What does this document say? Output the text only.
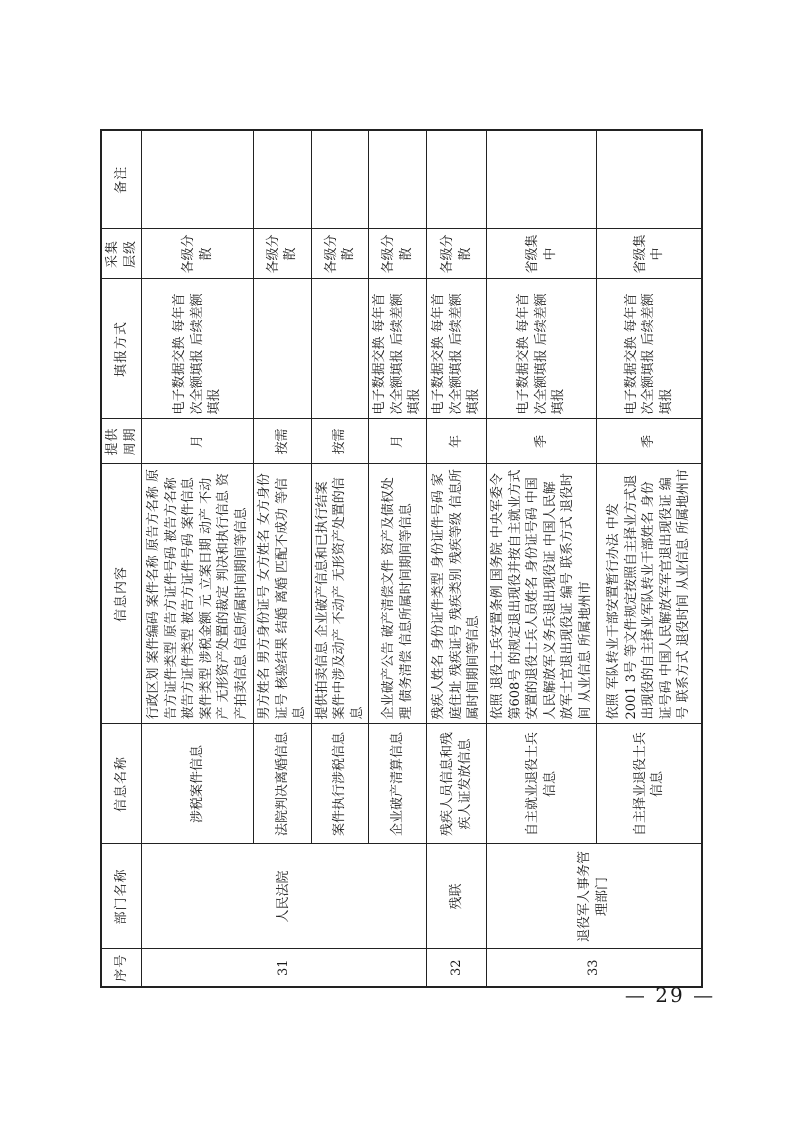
序号	部门名称	信息名称	信息内容	提供周期	填报方式	采集层级	备注
31	人民法院	涉税案件信息	行政区划 案件编码 案件名称 原告方名称 原告方证件类型 原告方证件号码 被告方名称 被告方证件类型 被告方证件号码 案件信息 案件类型 涉税金额 元 立案日期 动产 不动产 无形资产处置的裁定 判决和执行信息 资产拍卖信息 信息所属时间期间等信息	月	电子数据交换 每年首次全额填报 后续差额填报	各级分散	
		法院判决离婚信息	男方姓名 男方身份证号 女方姓名 女方身份证号 核验结果 结婚 离婚 匹配不成功 等信息	按需		各级分散	
		案件执行涉税信息	提供拍卖信息 企业破产信息和已执行结案案件中涉及动产 不动产 无形资产处置的信息	按需		各级分散	
		企业破产清算信息	企业破产公告 破产清偿文件 资产及债权处理 债务清偿 信息所属时间期间等信息	月	电子数据交换 每年首次全额填报 后续差额填报	各级分散	
32	残联	残疾人员信息和残疾人证发放信息	残疾人姓名 身份证件类型 身份证件号码 家庭住址 残疾证号 残疾类别 残疾等级 信息所属时间期间等信息	年	电子数据交换 每年首次全额填报 后续差额填报	各级分散	
33	退役军人事务管理部门	自主就业退役士兵信息	依照 退役士兵安置条例 国务院 中央军委令第608号 的规定退出现役并按自主就业方式安置的退役士兵人员姓名 身份证号码 中国人民解放军义务兵退出现役证 中国人民解放军士官退出现役证 编号 联系方式 退役时间 从业信息 所属地州市	季	电子数据交换 每年首次全额填报 后续差额填报	省级集中	
		自主择业退役士兵信息	依照 军队转业干部安置暂行办法 中发 2001 3号 等文件规定按照自主择业方式退出现役的自主择业军队转业干部姓名 身份证号码 中国人民解放军军官退出现役证 编号 联系方式 退役时间 从业信息 所属地州市	季	电子数据交换 每年首次全额填报 后续差额填报	省级集中	
— 29 —
